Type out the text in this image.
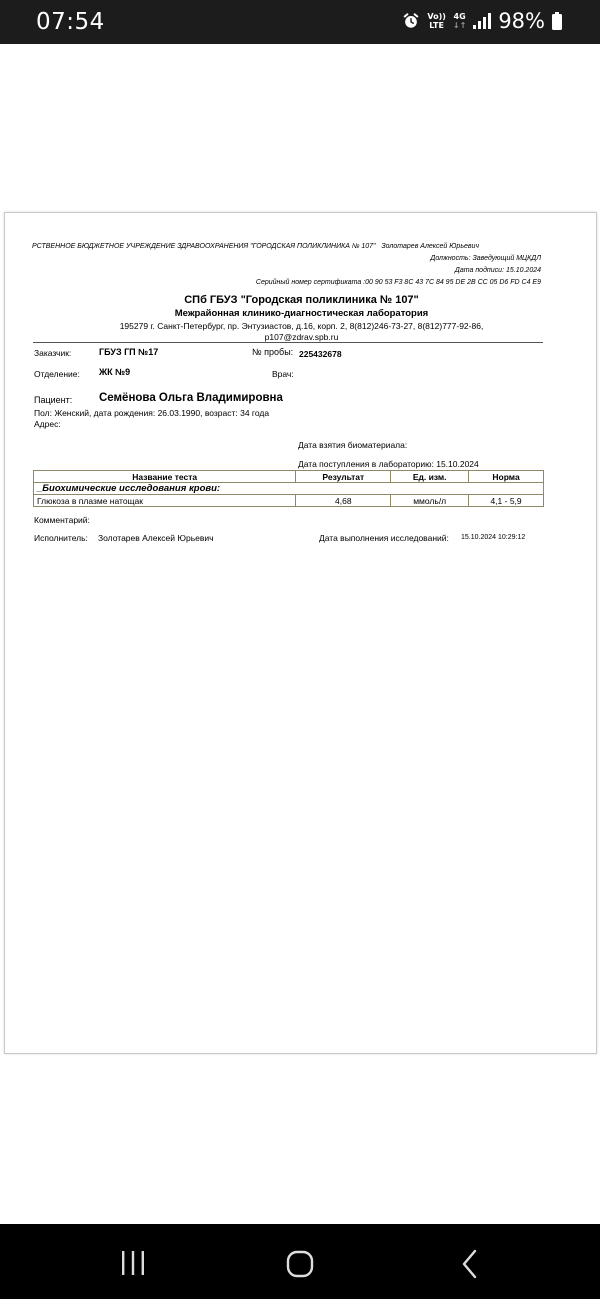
07:54	Vo))
LTE
4G
↓↑ 98%
РСТВЕННОЕ БЮДЖЕТНОЕ УЧРЕЖДЕНИЕ ЗДРАВООХРАНЕНИЯ "ГОРОДСКАЯ ПОЛИКЛИНИКА № 107" Золотарев Алексей Юрьевич
Должность: Заведующий МЦКДЛ
Дата подписи: 15.10.2024
Серийный номер сертификата :00 90 53 F3 8C 43 7C 84 95 DE 2B CC 05 D6 FD C4 E9
СПб ГБУЗ "Городская поликлиника № 107"
Межрайонная клинико-диагностическая лаборатория
195279 г. Санкт-Петербург, пр. Энтузиастов, д.16, корп. 2, 8(812)246-73-27, 8(812)777-92-86,
p107@zdrav.spb.ru
Заказчик:	ГБУЗ ГП №17	№ пробы: 225432678
Отделение: ЖК №9	Врач:
Пациент: Семёнова Ольга Владимировна
Пол: Женский, дата рождения: 26.03.1990, возраст: 34 года
Адрес:
Дата взятия биоматериала:
Дата поступления в лабораторию: 15.10.2024
Название теста	Результат	Ед. изм.	Норма
_Биохимические исследования крови:			
Глюкоза в плазме натощак	4,68	ммоль/л	4,1 - 5,9
Комментарий:
Исполнитель: Золотарев Алексей Юрьевич	Дата выполнения исследований: 15.10.2024 10:29:12
